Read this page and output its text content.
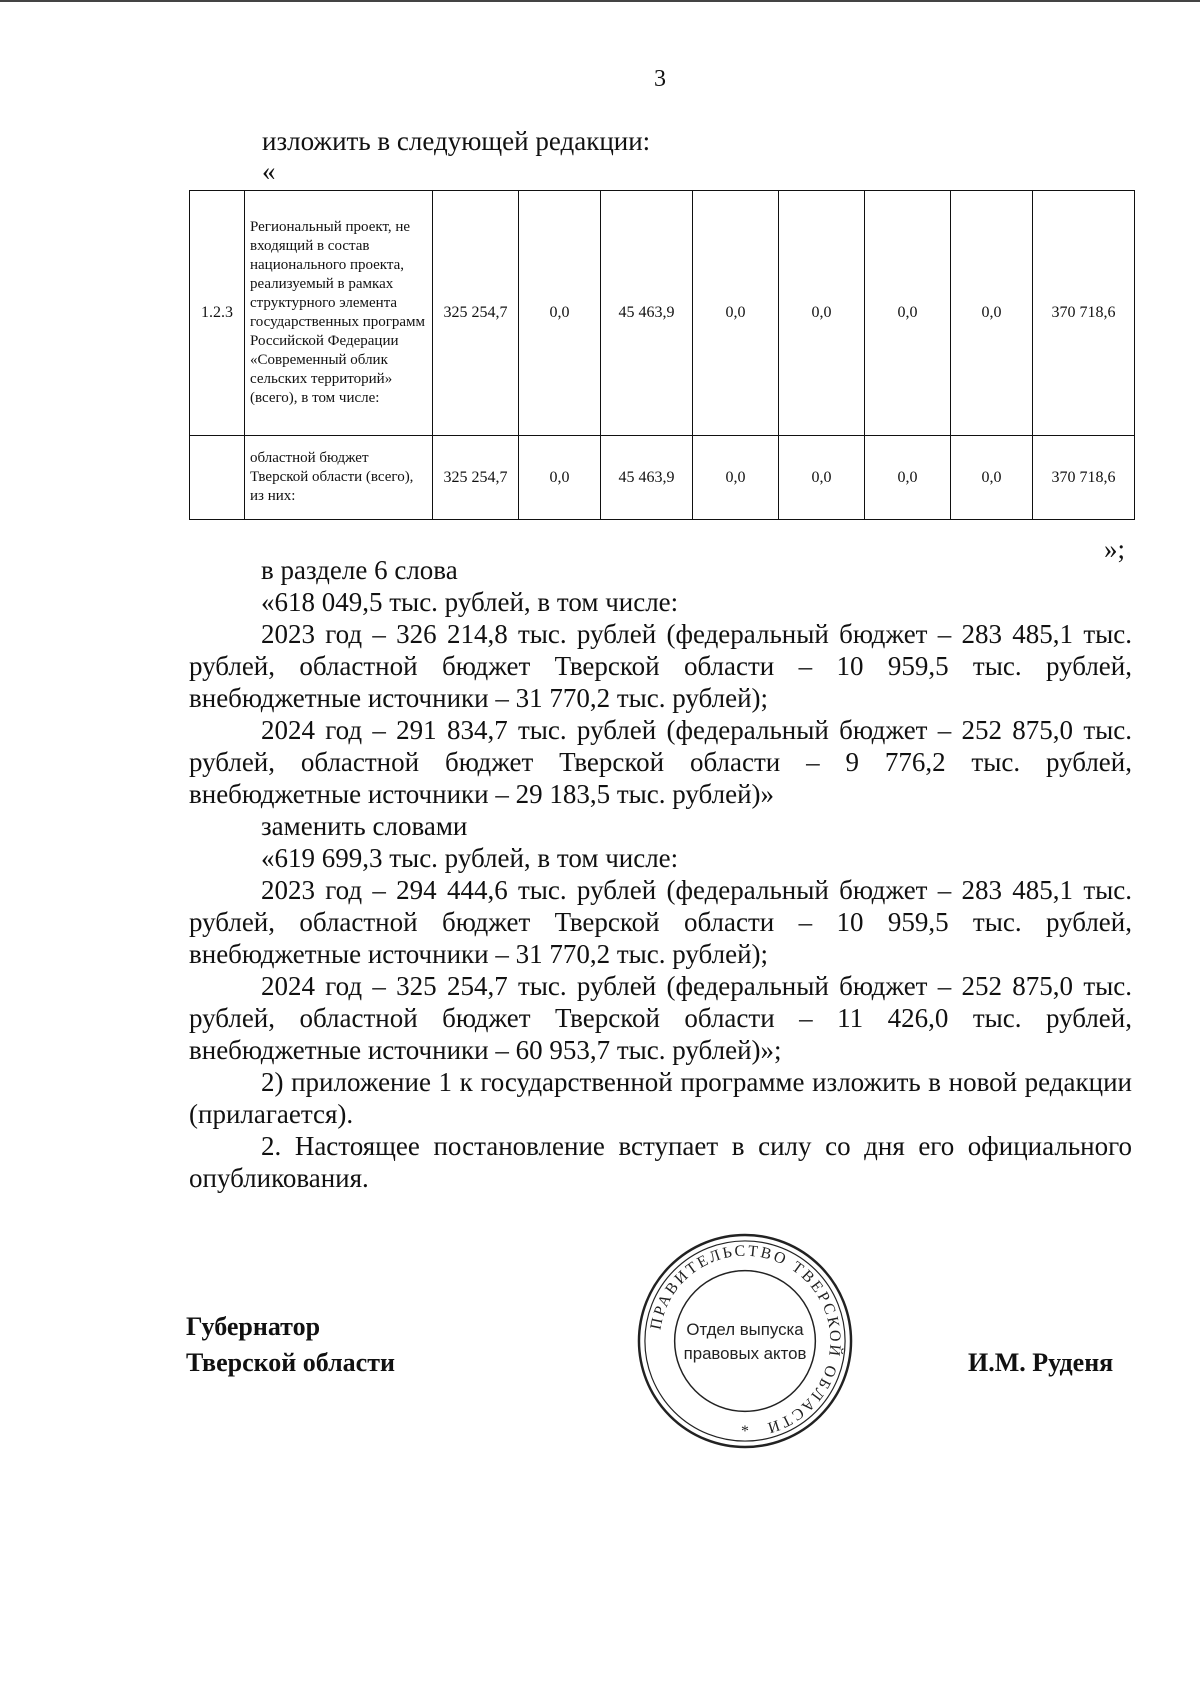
3
изложить в следующей редакции:
«
1.2.3	Региональный проект, не входящий в состав национального проекта, реализуемый в рамках структурного элемента государственных программ Российской Федерации «Современный облик сельских территорий» (всего), в том числе:	325 254,7	0,0	45 463,9	0,0	0,0	0,0	0,0	370 718,6
	областной бюджет Тверской области (всего), из них:	325 254,7	0,0	45 463,9	0,0	0,0	0,0	0,0	370 718,6
»;

в разделе 6 слова

«618 049,5 тыс. рублей, в том числе:

2023 год – 326 214,8 тыс. рублей (федеральный бюджет – 283 485,1 тыс. рублей, областной бюджет Тверской области – 10 959,5 тыс. рублей, внебюджетные источники – 31 770,2 тыс. рублей);

2024 год – 291 834,7 тыс. рублей (федеральный бюджет – 252 875,0 тыс. рублей, областной бюджет Тверской области – 9 776,2 тыс. рублей, внебюджетные источники – 29 183,5 тыс. рублей)»

заменить словами

«619 699,3 тыс. рублей, в том числе:

2023 год – 294 444,6 тыс. рублей (федеральный бюджет – 283 485,1 тыс. рублей, областной бюджет Тверской области – 10 959,5 тыс. рублей, внебюджетные источники – 31 770,2 тыс. рублей);

2024 год – 325 254,7 тыс. рублей (федеральный бюджет – 252 875,0 тыс. рублей, областной бюджет Тверской области – 11 426,0 тыс. рублей, внебюджетные источники – 60 953,7 тыс. рублей)»;

2) приложение 1 к государственной программе изложить в новой редакции (прилагается).

2. Настоящее постановление вступает в силу со дня его официального опубликования.

Губернатор
Тверской области
ПРАВИТЕЛЬСТВО ТВЕРСКОЙ ОБЛАСТИ
Отдел выпуска
правовых актов
*
И.М. Руденя
